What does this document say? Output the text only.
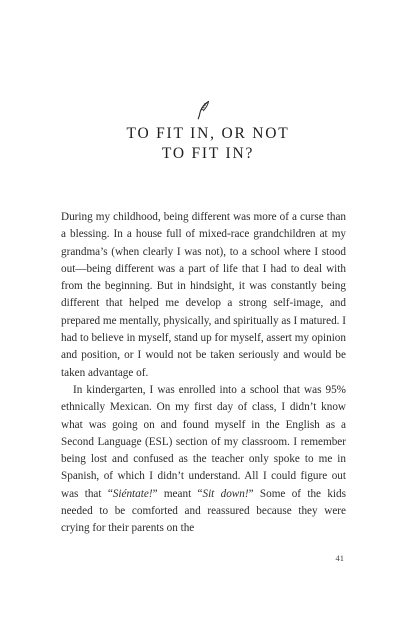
TO FIT IN, OR NOT
TO FIT IN?

During my childhood, being different was more of a curse than a blessing. In a house full of mixed-race grandchildren at my grandma’s (when clearly I was not), to a school where I stood out—being different was a part of life that I had to deal with from the beginning. But in hindsight, it was constantly being different that helped me develop a strong self-image, and prepared me mentally, physically, and spiritually as I matured. I had to believe in myself, stand up for myself, assert my opinion and position, or I would not be taken seriously and would be taken advantage of.

In kindergarten, I was enrolled into a school that was 95% ethnically Mexican. On my first day of class, I didn’t know what was going on and found myself in the English as a Second Language (ESL) section of my classroom. I remember being lost and confused as the teacher only spoke to me in Spanish, of which I didn’t understand. All I could figure out was that “Siéntate!” meant “Sit down!” Some of the kids needed to be comforted and reassured because they were crying for their parents on the

41
